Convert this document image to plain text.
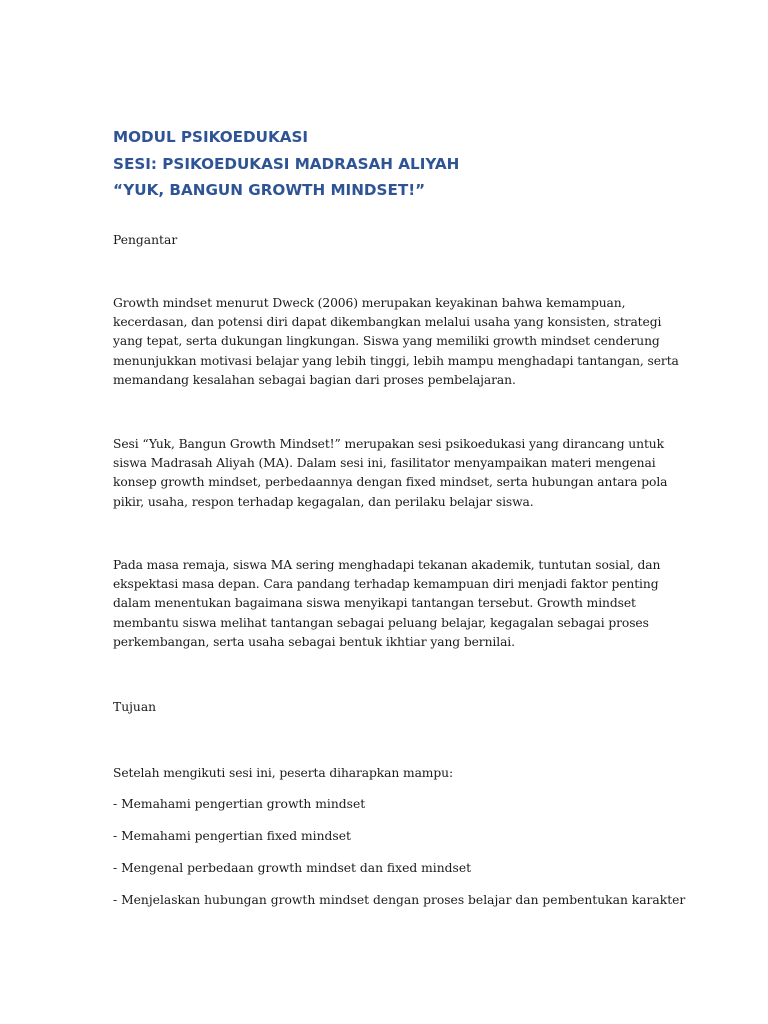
MODUL PSIKOEDUKASI
SESI: PSIKOEDUKASI MADRASAH ALIYAH
“YUK, BANGUN GROWTH MINDSET!”

Pengantar

Growth mindset menurut Dweck (2006) merupakan keyakinan bahwa kemampuan,
kecerdasan, dan potensi diri dapat dikembangkan melalui usaha yang konsisten, strategi
yang tepat, serta dukungan lingkungan. Siswa yang memiliki growth mindset cenderung
menunjukkan motivasi belajar yang lebih tinggi, lebih mampu menghadapi tantangan, serta
memandang kesalahan sebagai bagian dari proses pembelajaran.

Sesi “Yuk, Bangun Growth Mindset!” merupakan sesi psikoedukasi yang dirancang untuk
siswa Madrasah Aliyah (MA). Dalam sesi ini, fasilitator menyampaikan materi mengenai
konsep growth mindset, perbedaannya dengan fixed mindset, serta hubungan antara pola
pikir, usaha, respon terhadap kegagalan, dan perilaku belajar siswa.

Pada masa remaja, siswa MA sering menghadapi tekanan akademik, tuntutan sosial, dan
ekspektasi masa depan. Cara pandang terhadap kemampuan diri menjadi faktor penting
dalam menentukan bagaimana siswa menyikapi tantangan tersebut. Growth mindset
membantu siswa melihat tantangan sebagai peluang belajar, kegagalan sebagai proses
perkembangan, serta usaha sebagai bentuk ikhtiar yang bernilai.

Tujuan

Setelah mengikuti sesi ini, peserta diharapkan mampu:

- Memahami pengertian growth mindset

- Memahami pengertian fixed mindset

- Mengenal perbedaan growth mindset dan fixed mindset

- Menjelaskan hubungan growth mindset dengan proses belajar dan pembentukan karakter
